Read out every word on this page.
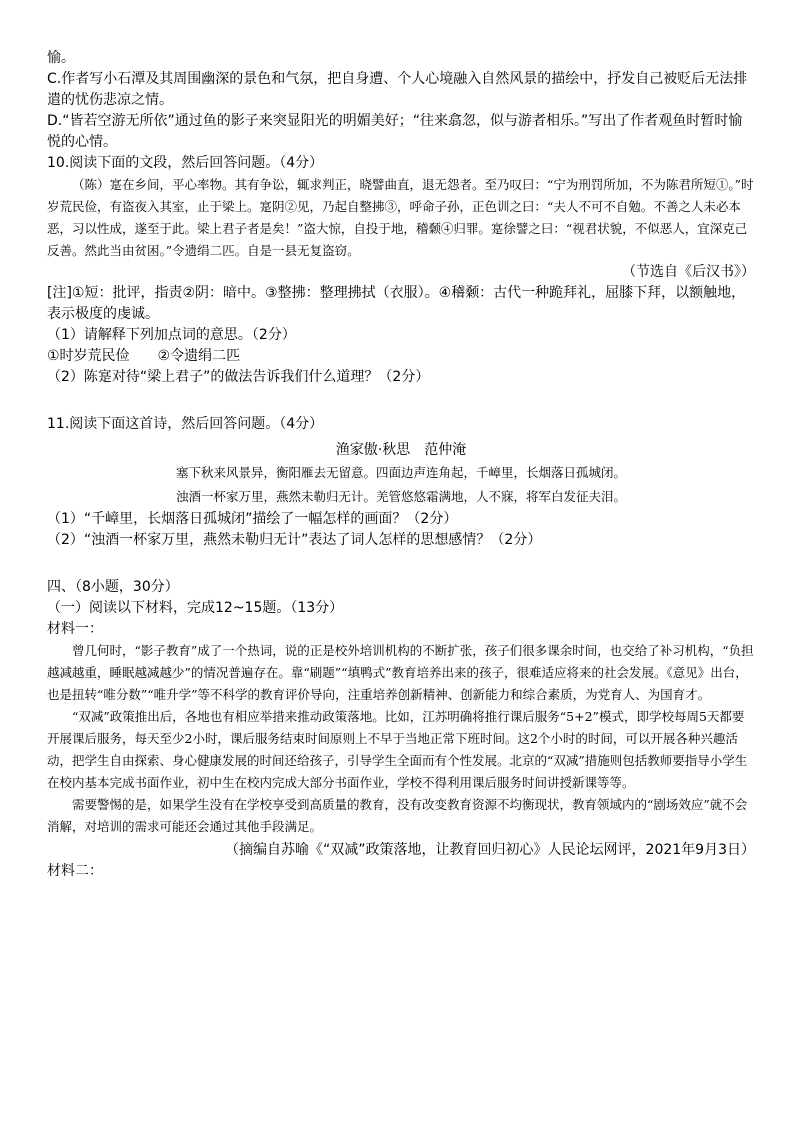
愉。

C.作者写小石潭及其周围幽深的景色和气氛，把自身遭、个人心境融入自然风景的描绘中，抒发自己被贬后无法排遣的忧伤悲凉之情。

D.“皆若空游无所依”通过鱼的影子来突显阳光的明媚美好；“往来翕忽，似与游者相乐。”写出了作者观鱼时暂时愉悦的心情。

10.阅读下面的文段，然后回答问题。（4分）

（陈）寔在乡间，平心率物。其有争讼，辄求判正，晓譬曲直，退无怨者。至乃叹曰：“宁为刑罚所加，不为陈君所短①。”时岁荒民俭，有盗夜入其室，止于梁上。寔阴②见，乃起自整拂③，呼命子孙，正色训之曰：“夫人不可不自勉。不善之人未必本恶，习以性成，遂至于此。梁上君子者是矣！”盗大惊，自投于地，稽颡④归罪。寔徐譬之曰：“视君状貌，不似恶人，宜深克己反善。然此当由贫困。”令遗绢二匹。自是一县无复盗窃。

（节选自《后汉书》）

[注]①短：批评，指责②阴：暗中。③整拂：整理拂拭（衣服）。④稽颡：古代一种跪拜礼，屈膝下拜，以额触地，表示极度的虔诚。

（1）请解释下列加点词的意思。（2分）

①时岁荒民俭　　②令遗绢二匹

（2）陈寔对待“梁上君子”的做法告诉我们什么道理？（2分）

11.阅读下面这首诗，然后回答问题。（4分）

渔家傲·秋思　范仲淹

塞下秋来风景异，衡阳雁去无留意。四面边声连角起，千嶂里，长烟落日孤城闭。

浊酒一杯家万里，燕然未勒归无计。羌管悠悠霜满地，人不寐，将军白发征夫泪。

（1）“千嶂里，长烟落日孤城闭”描绘了一幅怎样的画面？（2分）

（2）“浊酒一杯家万里，燕然未勒归无计”表达了词人怎样的思想感情？（2分）

四、（8小题，30分）

（一）阅读以下材料，完成12~15题。（13分）

材料一：

曾几何时，“影子教育”成了一个热词，说的正是校外培训机构的不断扩张，孩子们很多课余时间，也交给了补习机构，“负担越减越重，睡眠越减越少”的情况普遍存在。靠“刷题”“填鸭式”教育培养出来的孩子，很难适应将来的社会发展。《意见》出台，也是扭转“唯分数”“唯升学”等不科学的教育评价导向，注重培养创新精神、创新能力和综合素质，为党育人、为国育才。

“双减”政策推出后，各地也有相应举措来推动政策落地。比如，江苏明确将推行课后服务“5+2”模式，即学校每周5天都要开展课后服务，每天至少2小时，课后服务结束时间原则上不早于当地正常下班时间。这2个小时的时间，可以开展各种兴趣活动，把学生自由探索、身心健康发展的时间还给孩子，引导学生全面而有个性发展。北京的“双减”措施则包括教师要指导小学生在校内基本完成书面作业，初中生在校内完成大部分书面作业，学校不得利用课后服务时间讲授新课等等。

需要警惕的是，如果学生没有在学校享受到高质量的教育，没有改变教育资源不均衡现状，教育领域内的“剧场效应”就不会消解，对培训的需求可能还会通过其他手段满足。

（摘编自苏喻《“双减”政策落地，让教育回归初心》人民论坛网评，2021年9月3日）

材料二：
